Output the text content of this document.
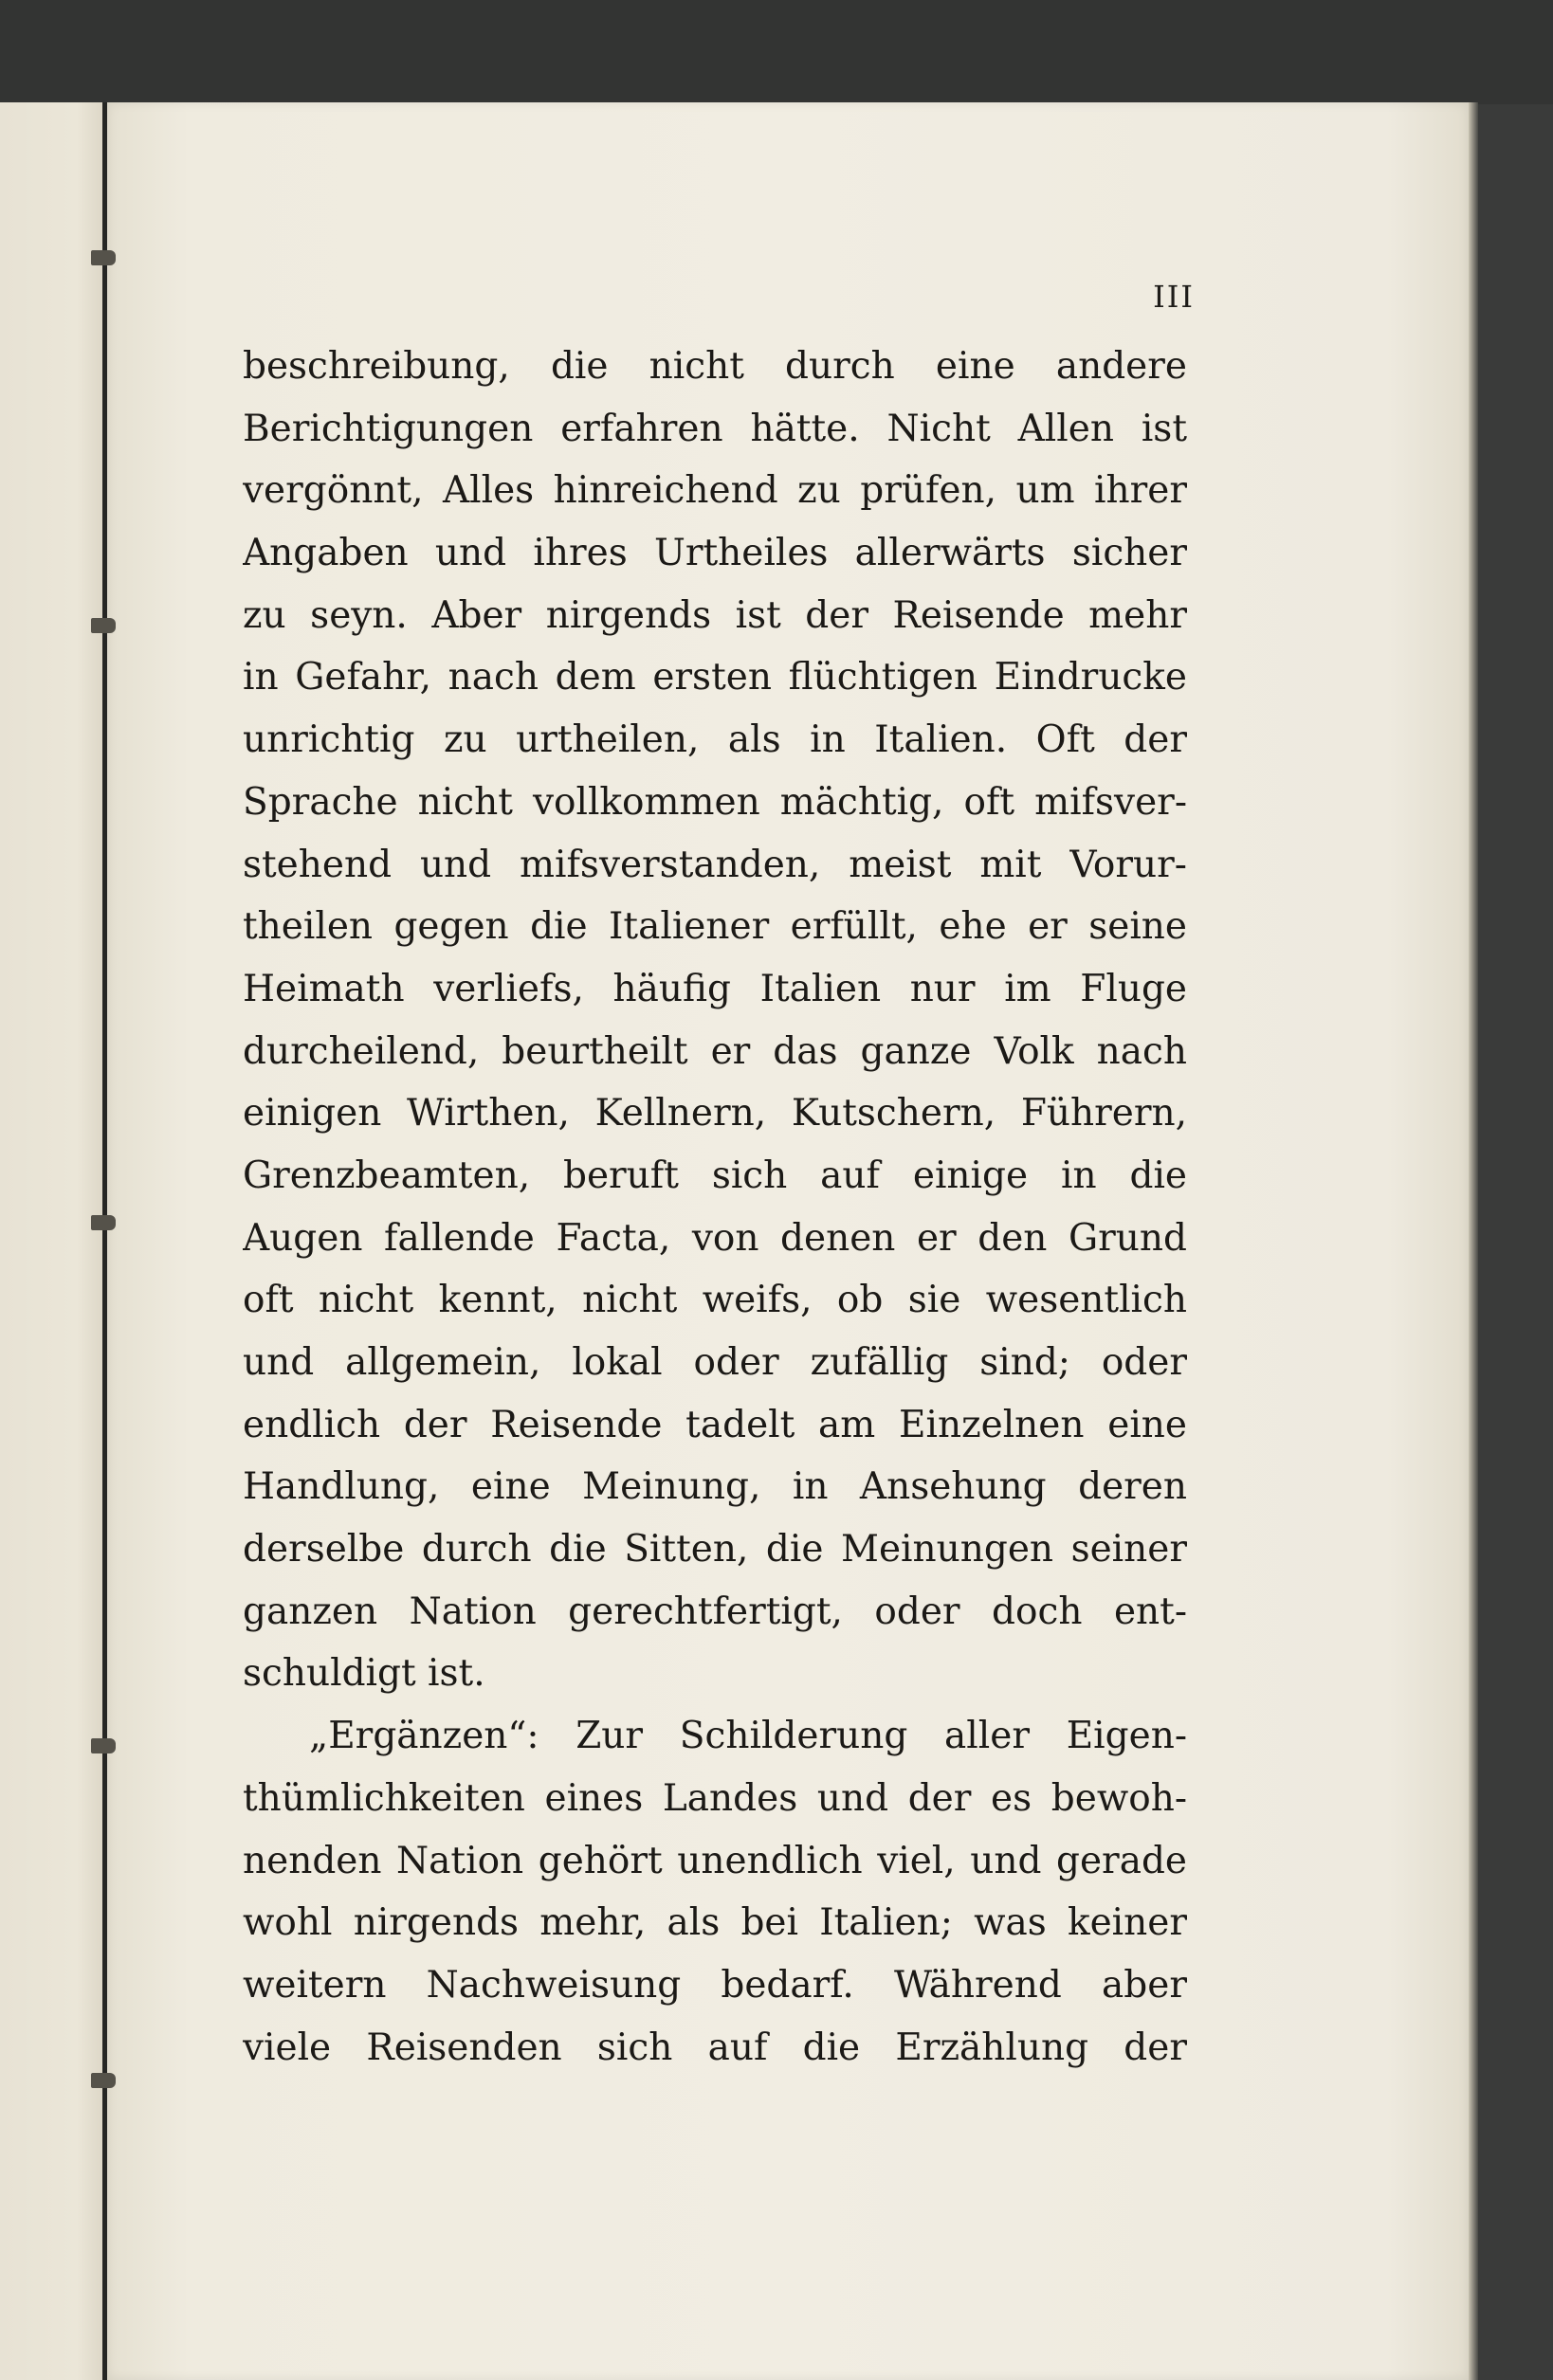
III
beschreibung, die nicht durch eine andere
Berichtigungen erfahren hätte. Nicht Allen ist
vergönnt, Alles hinreichend zu prüfen, um ihrer
Angaben und ihres Urtheiles allerwärts sicher
zu seyn. Aber nirgends ist der Reisende mehr
in Gefahr, nach dem ersten flüchtigen Eindrucke
unrichtig zu urtheilen, als in Italien. Oft der
Sprache nicht vollkommen mächtig, oft mifsver-
stehend und mifsverstanden, meist mit Vorur-
theilen gegen die Italiener erfüllt, ehe er seine
Heimath verliefs, häufig Italien nur im Fluge
durcheilend, beurtheilt er das ganze Volk nach
einigen Wirthen, Kellnern, Kutschern, Führern,
Grenzbeamten, beruft sich auf einige in die
Augen fallende Facta, von denen er den Grund
oft nicht kennt, nicht weifs, ob sie wesentlich
und allgemein, lokal oder zufällig sind; oder
endlich der Reisende tadelt am Einzelnen eine
Handlung, eine Meinung, in Ansehung deren
derselbe durch die Sitten, die Meinungen seiner
ganzen Nation gerechtfertigt, oder doch ent-
schuldigt ist.
„Ergänzen“: Zur Schilderung aller Eigen-
thümlichkeiten eines Landes und der es bewoh-
nenden Nation gehört unendlich viel, und gerade
wohl nirgends mehr, als bei Italien; was keiner
weitern Nachweisung bedarf. Während aber
viele Reisenden sich auf die Erzählung der
